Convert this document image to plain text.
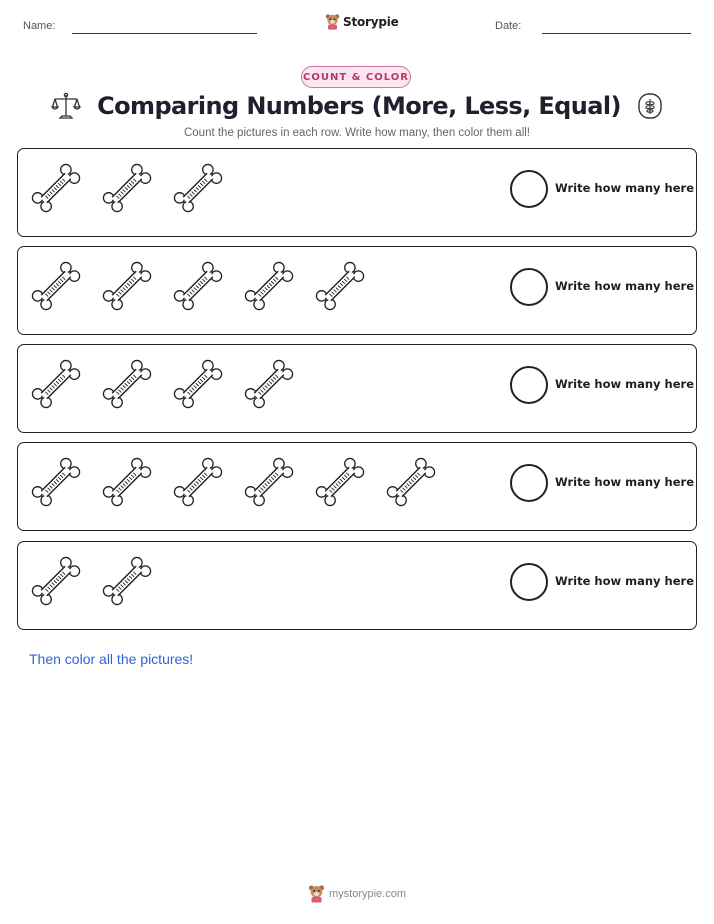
Name:	Storypie	Date:
COUNT & COLOR
Comparing Numbers (More, Less, Equal)
Count the pictures in each row. Write how many, then color them all!
Write how many here
Write how many here
Write how many here
Write how many here
Write how many here
Then color all the pictures!
mystorypie.com
